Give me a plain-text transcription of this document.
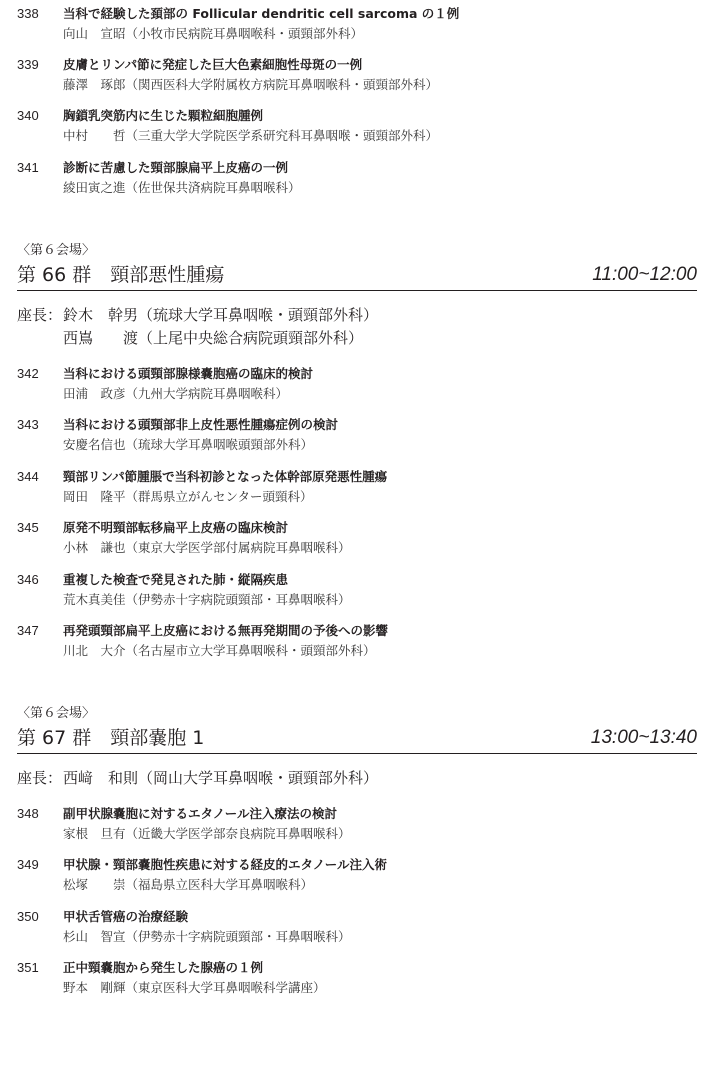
338 当科で経験した頚部の Follicular dendritic cell sarcoma の１例
向山　宣昭（小牧市民病院耳鼻咽喉科・頭頸部外科）
339 皮膚とリンパ節に発症した巨大色素細胞性母斑の一例
藤澤　琢郎（関西医科大学附属枚方病院耳鼻咽喉科・頭頸部外科）
340 胸鎖乳突筋内に生じた顆粒細胞腫例
中村　　哲（三重大学大学院医学系研究科耳鼻咽喉・頭頸部外科）
341 診断に苦慮した頸部腺扁平上皮癌の一例
綾田寅之進（佐世保共済病院耳鼻咽喉科）
〈第６会場〉
第 66 群　頸部悪性腫瘍	11:00~12:00
座長： 鈴木　幹男（琉球大学耳鼻咽喉・頭頸部外科）
西嶌　　渡（上尾中央総合病院頭頸部外科）
342 当科における頭頸部腺様嚢胞癌の臨床的検討
田浦　政彦（九州大学病院耳鼻咽喉科）
343 当科における頭頸部非上皮性悪性腫瘍症例の検討
安慶名信也（琉球大学耳鼻咽喉頭頸部外科）
344 頸部リンパ節腫脹で当科初診となった体幹部原発悪性腫瘍
岡田　隆平（群馬県立がんセンター頭頸科）
345 原発不明頸部転移扁平上皮癌の臨床検討
小林　謙也（東京大学医学部付属病院耳鼻咽喉科）
346 重複した検査で発見された肺・縦隔疾患
荒木真美佳（伊勢赤十字病院頭頸部・耳鼻咽喉科）
347 再発頭頸部扁平上皮癌における無再発期間の予後への影響
川北　大介（名古屋市立大学耳鼻咽喉科・頭頸部外科）
〈第６会場〉
第 67 群　頸部嚢胞 1	13:00~13:40
座長： 西﨑　和則（岡山大学耳鼻咽喉・頭頸部外科）
348 副甲状腺嚢胞に対するエタノール注入療法の検討
家根　旦有（近畿大学医学部奈良病院耳鼻咽喉科）
349 甲状腺・頸部嚢胞性疾患に対する経皮的エタノール注入術
松塚　　崇（福島県立医科大学耳鼻咽喉科）
350 甲状舌管癌の治療経験
杉山　智宣（伊勢赤十字病院頭頸部・耳鼻咽喉科）
351 正中頸嚢胞から発生した腺癌の１例
野本　剛輝（東京医科大学耳鼻咽喉科学講座）
